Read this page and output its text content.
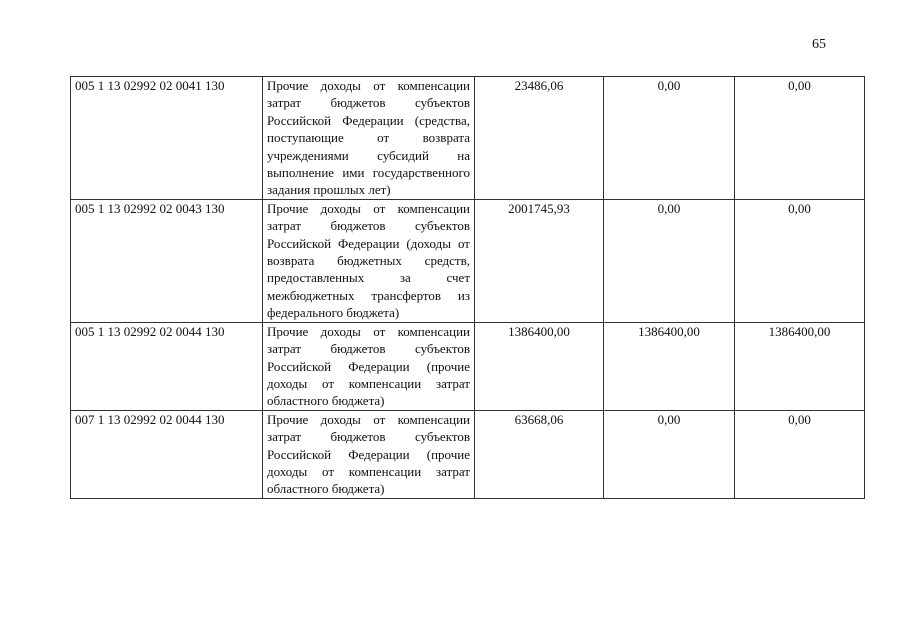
65
005 1 13 02992 02 0041 130	Прочие доходы от компенсации затрат бюджетов субъектов Российской Федерации (средства, поступающие от возврата учреждениями субсидий на выполнение ими государственного задания прошлых лет)	23486,06	0,00	0,00
005 1 13 02992 02 0043 130	Прочие доходы от компенсации затрат бюджетов субъектов Российской Федерации (доходы от возврата бюджетных средств, предоставленных за счет межбюджетных трансфертов из федерального бюджета)	2001745,93	0,00	0,00
005 1 13 02992 02 0044 130	Прочие доходы от компенсации затрат бюджетов субъектов Российской Федерации (прочие доходы от компенсации затрат областного бюджета)	1386400,00	1386400,00	1386400,00
007 1 13 02992 02 0044 130	Прочие доходы от компенсации затрат бюджетов субъектов Российской Федерации (прочие доходы от компенсации затрат областного бюджета)	63668,06	0,00	0,00
